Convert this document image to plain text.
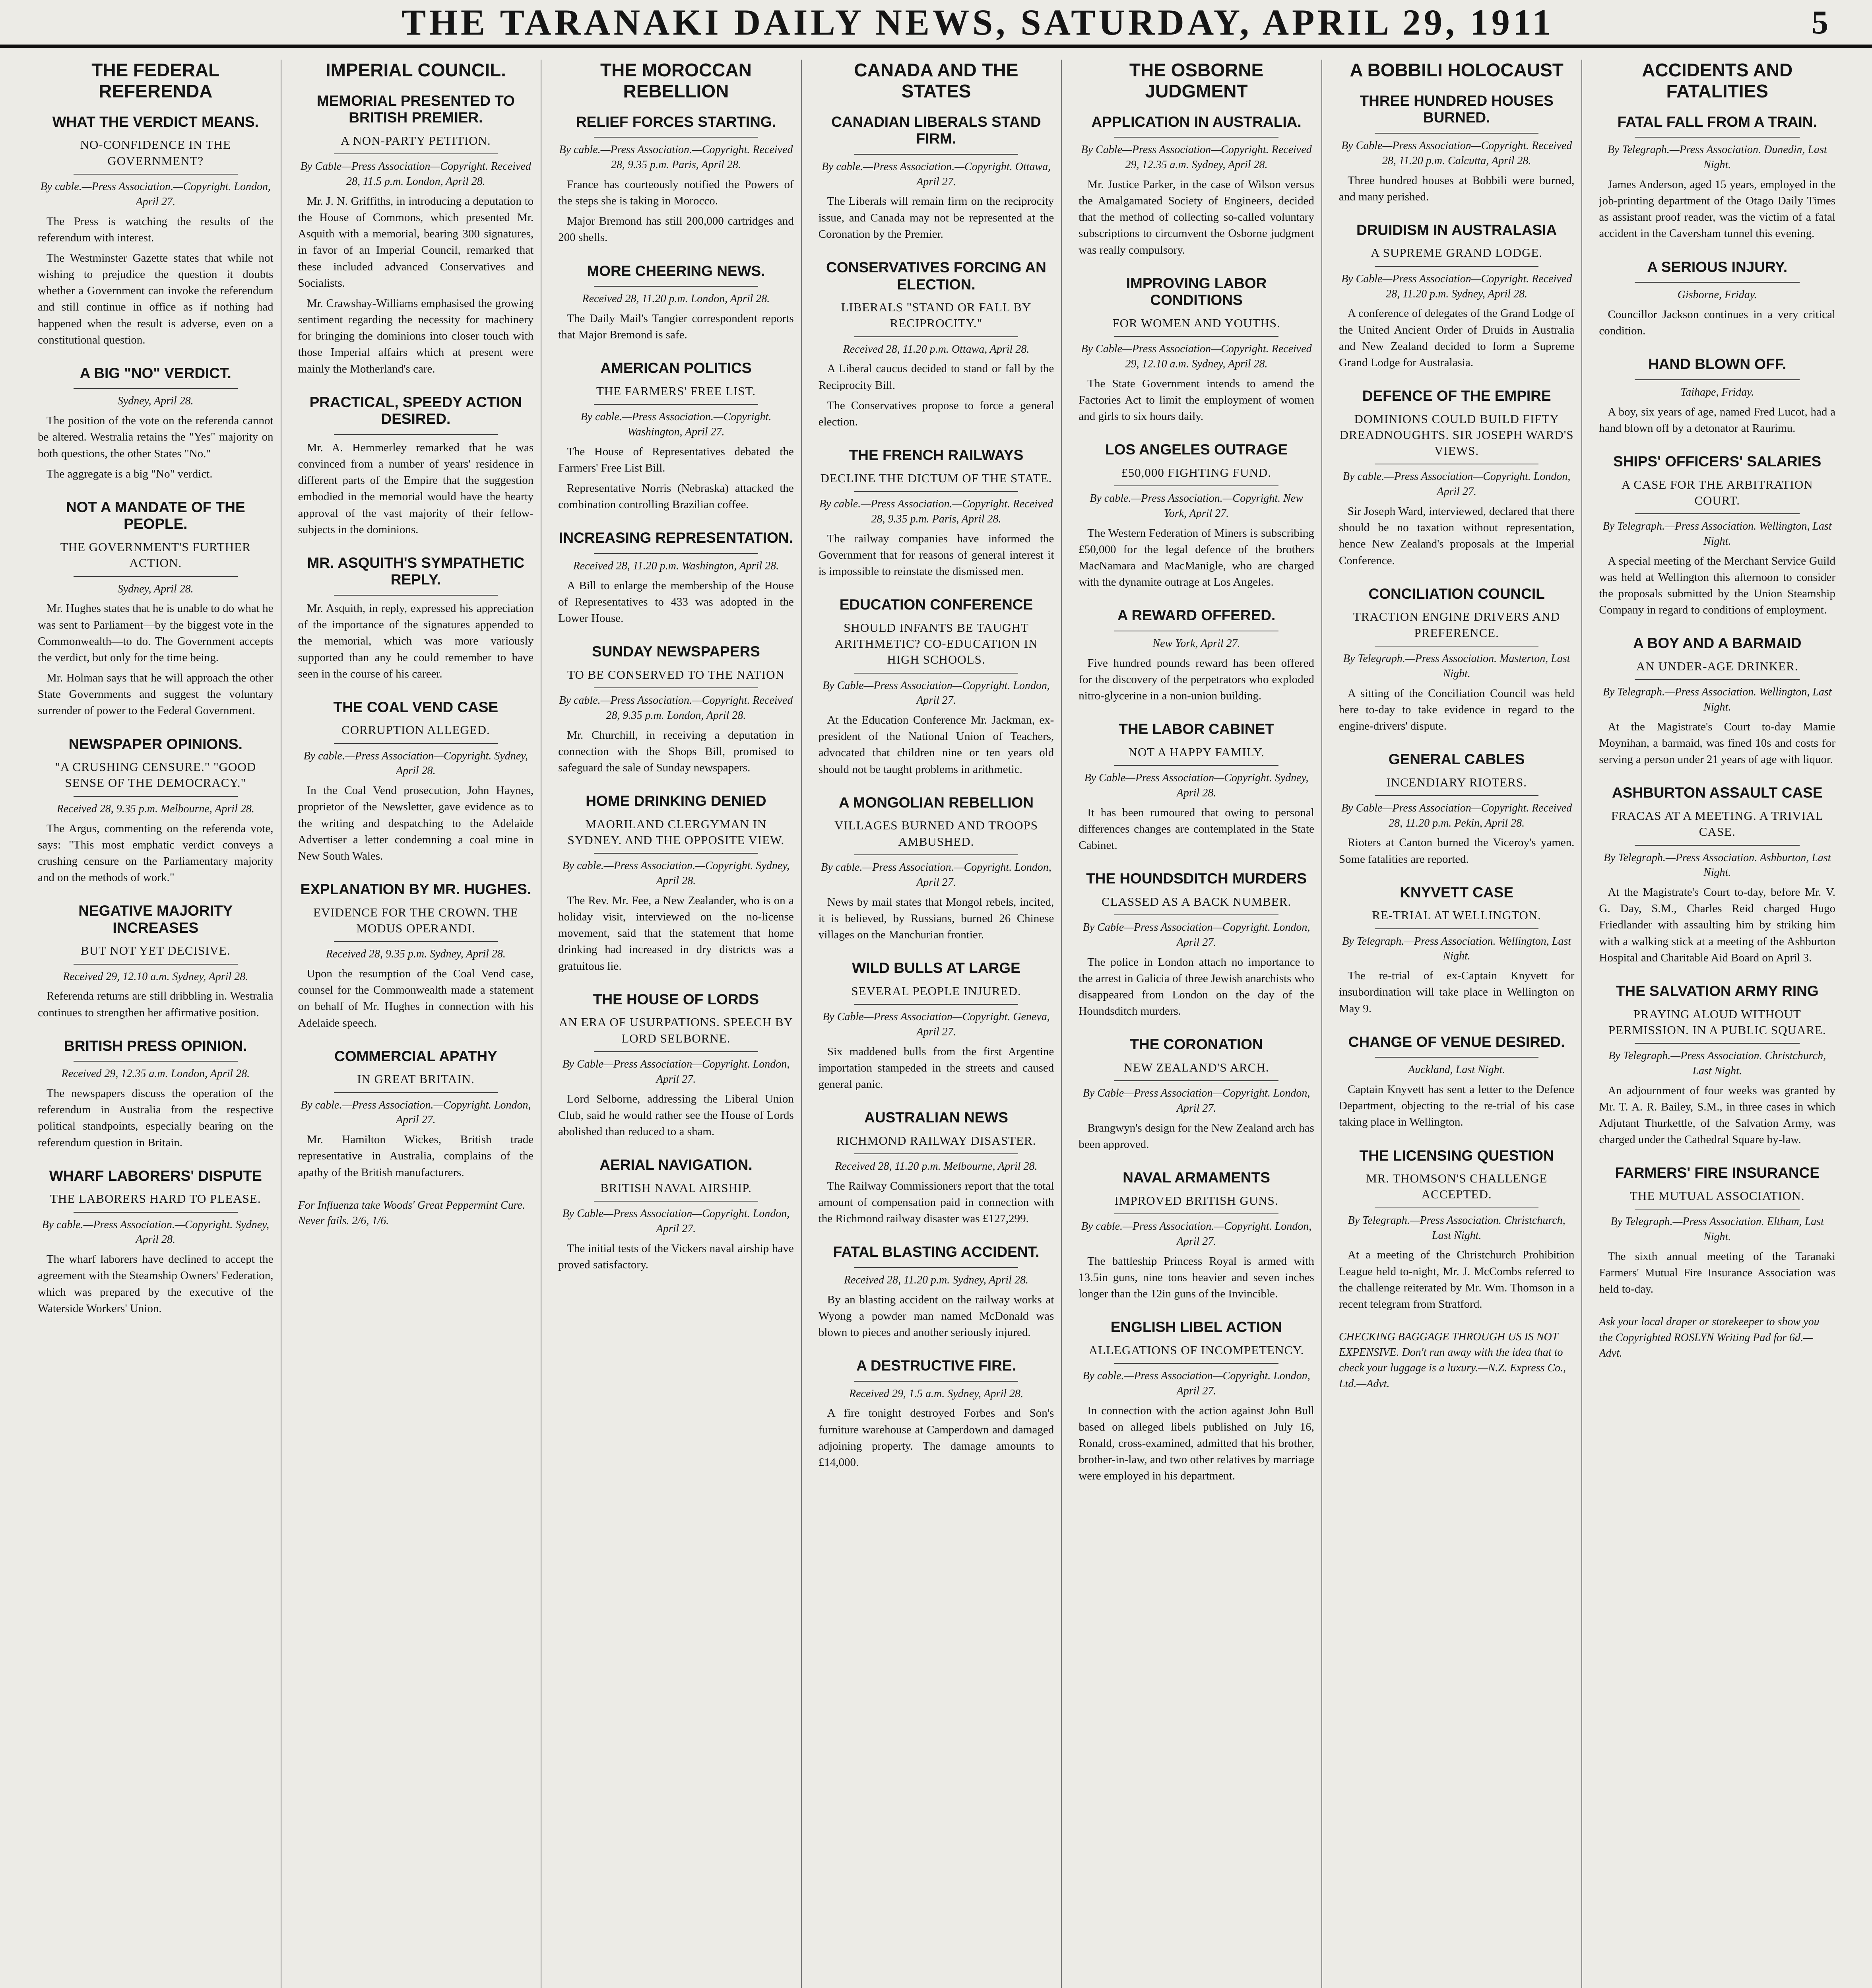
THE TARANAKI DAILY NEWS, SATURDAY, APRIL 29, 1911	5
THE FEDERAL REFERENDA
WHAT THE VERDICT MEANS.
NO-CONFIDENCE IN THE GOVERNMENT?
By cable.—Press Association.—Copyright. London, April 27.

The Press is watching the results of the referendum with interest.

The Westminster Gazette states that while not wishing to prejudice the question it doubts whether a Government can invoke the referendum and still continue in office as if nothing had happened when the result is adverse, even on a constitutional question.

A BIG "NO" VERDICT.
Sydney, April 28.

The position of the vote on the referenda cannot be altered. Westralia retains the "Yes" majority on both questions, the other States "No."

The aggregate is a big "No" verdict.

NOT A MANDATE OF THE PEOPLE.
THE GOVERNMENT'S FURTHER ACTION.
Sydney, April 28.

Mr. Hughes states that he is unable to do what he was sent to Parliament—by the biggest vote in the Commonwealth—to do. The Government accepts the verdict, but only for the time being.

Mr. Holman says that he will approach the other State Governments and suggest the voluntary surrender of power to the Federal Government.

NEWSPAPER OPINIONS.
"A CRUSHING CENSURE." "GOOD SENSE OF THE DEMOCRACY."
Received 28, 9.35 p.m. Melbourne, April 28.

The Argus, commenting on the referenda vote, says: "This most emphatic verdict conveys a crushing censure on the Parliamentary majority and on the methods of work."

NEGATIVE MAJORITY INCREASES
BUT NOT YET DECISIVE.
Received 29, 12.10 a.m. Sydney, April 28.

Referenda returns are still dribbling in. Westralia continues to strengthen her affirmative position.

BRITISH PRESS OPINION.
Received 29, 12.35 a.m. London, April 28.

The newspapers discuss the operation of the referendum in Australia from the respective political standpoints, especially bearing on the referendum question in Britain.

WHARF LABORERS' DISPUTE
THE LABORERS HARD TO PLEASE.
By cable.—Press Association.—Copyright. Sydney, April 28.

The wharf laborers have declined to accept the agreement with the Steamship Owners' Federation, which was prepared by the executive of the Waterside Workers' Union.

IMPERIAL COUNCIL.
MEMORIAL PRESENTED TO BRITISH PREMIER.
A NON-PARTY PETITION.
By Cable—Press Association—Copyright. Received 28, 11.5 p.m. London, April 28.

Mr. J. N. Griffiths, in introducing a deputation to the House of Commons, which presented Mr. Asquith with a memorial, bearing 300 signatures, in favor of an Imperial Council, remarked that these included advanced Conservatives and Socialists.

Mr. Crawshay-Williams emphasised the growing sentiment regarding the necessity for machinery for bringing the dominions into closer touch with those Imperial affairs which at present were mainly the Motherland's care.

PRACTICAL, SPEEDY ACTION DESIRED.

Mr. A. Hemmerley remarked that he was convinced from a number of years' residence in different parts of the Empire that the suggestion embodied in the memorial would have the hearty approval of the vast majority of their fellow-subjects in the dominions.

MR. ASQUITH'S SYMPATHETIC REPLY.

Mr. Asquith, in reply, expressed his appreciation of the importance of the signatures appended to the memorial, which was more variously supported than any he could remember to have seen in the course of his career.

THE COAL VEND CASE
CORRUPTION ALLEGED.
By cable.—Press Association—Copyright. Sydney, April 28.

In the Coal Vend prosecution, John Haynes, proprietor of the Newsletter, gave evidence as to the writing and despatching to the Adelaide Advertiser a letter condemning a coal mine in New South Wales.

EXPLANATION BY MR. HUGHES.
EVIDENCE FOR THE CROWN. THE MODUS OPERANDI.
Received 28, 9.35 p.m. Sydney, April 28.

Upon the resumption of the Coal Vend case, counsel for the Commonwealth made a statement on behalf of Mr. Hughes in connection with his Adelaide speech.

COMMERCIAL APATHY
IN GREAT BRITAIN.
By cable.—Press Association.—Copyright. London, April 27.

Mr. Hamilton Wickes, British trade representative in Australia, complains of the apathy of the British manufacturers.

For Influenza take Woods' Great Peppermint Cure. Never fails. 2/6, 1/6.
THE MOROCCAN REBELLION
RELIEF FORCES STARTING.
By cable.—Press Association.—Copyright. Received 28, 9.35 p.m. Paris, April 28.

France has courteously notified the Powers of the steps she is taking in Morocco.

Major Bremond has still 200,000 cartridges and 200 shells.

MORE CHEERING NEWS.
Received 28, 11.20 p.m. London, April 28.

The Daily Mail's Tangier correspondent reports that Major Bremond is safe.

AMERICAN POLITICS
THE FARMERS' FREE LIST.
By cable.—Press Association.—Copyright. Washington, April 27.

The House of Representatives debated the Farmers' Free List Bill.

Representative Norris (Nebraska) attacked the combination controlling Brazilian coffee.

INCREASING REPRESENTATION.
Received 28, 11.20 p.m. Washington, April 28.

A Bill to enlarge the membership of the House of Representatives to 433 was adopted in the Lower House.

SUNDAY NEWSPAPERS
TO BE CONSERVED TO THE NATION
By cable.—Press Association.—Copyright. Received 28, 9.35 p.m. London, April 28.

Mr. Churchill, in receiving a deputation in connection with the Shops Bill, promised to safeguard the sale of Sunday newspapers.

HOME DRINKING DENIED
MAORILAND CLERGYMAN IN SYDNEY. AND THE OPPOSITE VIEW.
By cable.—Press Association.—Copyright. Sydney, April 28.

The Rev. Mr. Fee, a New Zealander, who is on a holiday visit, interviewed on the no-license movement, said that the statement that home drinking had increased in dry districts was a gratuitous lie.

THE HOUSE OF LORDS
AN ERA OF USURPATIONS. SPEECH BY LORD SELBORNE.
By Cable—Press Association—Copyright. London, April 27.

Lord Selborne, addressing the Liberal Union Club, said he would rather see the House of Lords abolished than reduced to a sham.

AERIAL NAVIGATION.
BRITISH NAVAL AIRSHIP.
By Cable—Press Association—Copyright. London, April 27.

The initial tests of the Vickers naval airship have proved satisfactory.

CANADA AND THE STATES
CANADIAN LIBERALS STAND FIRM.
By cable.—Press Association.—Copyright. Ottawa, April 27.

The Liberals will remain firm on the reciprocity issue, and Canada may not be represented at the Coronation by the Premier.

CONSERVATIVES FORCING AN ELECTION.
LIBERALS "STAND OR FALL BY RECIPROCITY."
Received 28, 11.20 p.m. Ottawa, April 28.

A Liberal caucus decided to stand or fall by the Reciprocity Bill.

The Conservatives propose to force a general election.

THE FRENCH RAILWAYS
DECLINE THE DICTUM OF THE STATE.
By cable.—Press Association.—Copyright. Received 28, 9.35 p.m. Paris, April 28.

The railway companies have informed the Government that for reasons of general interest it is impossible to reinstate the dismissed men.

EDUCATION CONFERENCE
SHOULD INFANTS BE TAUGHT ARITHMETIC? CO-EDUCATION IN HIGH SCHOOLS.
By Cable—Press Association—Copyright. London, April 27.

At the Education Conference Mr. Jackman, ex-president of the National Union of Teachers, advocated that children nine or ten years old should not be taught problems in arithmetic.

A MONGOLIAN REBELLION
VILLAGES BURNED AND TROOPS AMBUSHED.
By cable.—Press Association.—Copyright. London, April 27.

News by mail states that Mongol rebels, incited, it is believed, by Russians, burned 26 Chinese villages on the Manchurian frontier.

WILD BULLS AT LARGE
SEVERAL PEOPLE INJURED.
By Cable—Press Association—Copyright. Geneva, April 27.

Six maddened bulls from the first Argentine importation stampeded in the streets and caused general panic.

AUSTRALIAN NEWS
RICHMOND RAILWAY DISASTER.
Received 28, 11.20 p.m. Melbourne, April 28.

The Railway Commissioners report that the total amount of compensation paid in connection with the Richmond railway disaster was £127,299.

FATAL BLASTING ACCIDENT.
Received 28, 11.20 p.m. Sydney, April 28.

By an blasting accident on the railway works at Wyong a powder man named McDonald was blown to pieces and another seriously injured.

A DESTRUCTIVE FIRE.
Received 29, 1.5 a.m. Sydney, April 28.

A fire tonight destroyed Forbes and Son's furniture warehouse at Camperdown and damaged adjoining property. The damage amounts to £14,000.

THE OSBORNE JUDGMENT
APPLICATION IN AUSTRALIA.
By Cable—Press Association—Copyright. Received 29, 12.35 a.m. Sydney, April 28.

Mr. Justice Parker, in the case of Wilson versus the Amalgamated Society of Engineers, decided that the method of collecting so-called voluntary subscriptions to circumvent the Osborne judgment was really compulsory.

IMPROVING LABOR CONDITIONS
FOR WOMEN AND YOUTHS.
By Cable—Press Association—Copyright. Received 29, 12.10 a.m. Sydney, April 28.

The State Government intends to amend the Factories Act to limit the employment of women and girls to six hours daily.

LOS ANGELES OUTRAGE
£50,000 FIGHTING FUND.
By cable.—Press Association.—Copyright. New York, April 27.

The Western Federation of Miners is subscribing £50,000 for the legal defence of the brothers MacNamara and MacManigle, who are charged with the dynamite outrage at Los Angeles.

A REWARD OFFERED.
New York, April 27.

Five hundred pounds reward has been offered for the discovery of the perpetrators who exploded nitro-glycerine in a non-union building.

THE LABOR CABINET
NOT A HAPPY FAMILY.
By Cable—Press Association—Copyright. Sydney, April 28.

It has been rumoured that owing to personal differences changes are contemplated in the State Cabinet.

THE HOUNDSDITCH MURDERS
CLASSED AS A BACK NUMBER.
By Cable—Press Association—Copyright. London, April 27.

The police in London attach no importance to the arrest in Galicia of three Jewish anarchists who disappeared from London on the day of the Houndsditch murders.

THE CORONATION
NEW ZEALAND'S ARCH.
By Cable—Press Association—Copyright. London, April 27.

Brangwyn's design for the New Zealand arch has been approved.

NAVAL ARMAMENTS
IMPROVED BRITISH GUNS.
By cable.—Press Association.—Copyright. London, April 27.

The battleship Princess Royal is armed with 13.5in guns, nine tons heavier and seven inches longer than the 12in guns of the Invincible.

ENGLISH LIBEL ACTION
ALLEGATIONS OF INCOMPETENCY.
By cable.—Press Association—Copyright. London, April 27.

In connection with the action against John Bull based on alleged libels published on July 16, Ronald, cross-examined, admitted that his brother, brother-in-law, and two other relatives by marriage were employed in his department.

A BOBBILI HOLOCAUST
THREE HUNDRED HOUSES BURNED.
By Cable—Press Association—Copyright. Received 28, 11.20 p.m. Calcutta, April 28.

Three hundred houses at Bobbili were burned, and many perished.

DRUIDISM IN AUSTRALASIA
A SUPREME GRAND LODGE.
By Cable—Press Association—Copyright. Received 28, 11.20 p.m. Sydney, April 28.

A conference of delegates of the Grand Lodge of the United Ancient Order of Druids in Australia and New Zealand decided to form a Supreme Grand Lodge for Australasia.

DEFENCE OF THE EMPIRE
DOMINIONS COULD BUILD FIFTY DREADNOUGHTS. SIR JOSEPH WARD'S VIEWS.
By cable.—Press Association—Copyright. London, April 27.

Sir Joseph Ward, interviewed, declared that there should be no taxation without representation, hence New Zealand's proposals at the Imperial Conference.

CONCILIATION COUNCIL
TRACTION ENGINE DRIVERS AND PREFERENCE.
By Telegraph.—Press Association. Masterton, Last Night.

A sitting of the Conciliation Council was held here to-day to take evidence in regard to the engine-drivers' dispute.

GENERAL CABLES
INCENDIARY RIOTERS.
By Cable—Press Association—Copyright. Received 28, 11.20 p.m. Pekin, April 28.

Rioters at Canton burned the Viceroy's yamen. Some fatalities are reported.

KNYVETT CASE
RE-TRIAL AT WELLINGTON.
By Telegraph.—Press Association. Wellington, Last Night.

The re-trial of ex-Captain Knyvett for insubordination will take place in Wellington on May 9.

CHANGE OF VENUE DESIRED.
Auckland, Last Night.

Captain Knyvett has sent a letter to the Defence Department, objecting to the re-trial of his case taking place in Wellington.

THE LICENSING QUESTION
MR. THOMSON'S CHALLENGE ACCEPTED.
By Telegraph.—Press Association. Christchurch, Last Night.

At a meeting of the Christchurch Prohibition League held to-night, Mr. J. McCombs referred to the challenge reiterated by Mr. Wm. Thomson in a recent telegram from Stratford.

CHECKING BAGGAGE THROUGH US IS NOT EXPENSIVE. Don't run away with the idea that to check your luggage is a luxury.—N.Z. Express Co., Ltd.—Advt.
ACCIDENTS AND FATALITIES
FATAL FALL FROM A TRAIN.
By Telegraph.—Press Association. Dunedin, Last Night.

James Anderson, aged 15 years, employed in the job-printing department of the Otago Daily Times as assistant proof reader, was the victim of a fatal accident in the Caversham tunnel this evening.

A SERIOUS INJURY.
Gisborne, Friday.

Councillor Jackson continues in a very critical condition.

HAND BLOWN OFF.
Taihape, Friday.

A boy, six years of age, named Fred Lucot, had a hand blown off by a detonator at Raurimu.

SHIPS' OFFICERS' SALARIES
A CASE FOR THE ARBITRATION COURT.
By Telegraph.—Press Association. Wellington, Last Night.

A special meeting of the Merchant Service Guild was held at Wellington this afternoon to consider the proposals submitted by the Union Steamship Company in regard to conditions of employment.

A BOY AND A BARMAID
AN UNDER-AGE DRINKER.
By Telegraph.—Press Association. Wellington, Last Night.

At the Magistrate's Court to-day Mamie Moynihan, a barmaid, was fined 10s and costs for serving a person under 21 years of age with liquor.

ASHBURTON ASSAULT CASE
FRACAS AT A MEETING. A TRIVIAL CASE.
By Telegraph.—Press Association. Ashburton, Last Night.

At the Magistrate's Court to-day, before Mr. V. G. Day, S.M., Charles Reid charged Hugo Friedlander with assaulting him by striking him with a walking stick at a meeting of the Ashburton Hospital and Charitable Aid Board on April 3.

THE SALVATION ARMY RING
PRAYING ALOUD WITHOUT PERMISSION. IN A PUBLIC SQUARE.
By Telegraph.—Press Association. Christchurch, Last Night.

An adjournment of four weeks was granted by Mr. T. A. R. Bailey, S.M., in three cases in which Adjutant Thurkettle, of the Salvation Army, was charged under the Cathedral Square by-law.

FARMERS' FIRE INSURANCE
THE MUTUAL ASSOCIATION.
By Telegraph.—Press Association. Eltham, Last Night.

The sixth annual meeting of the Taranaki Farmers' Mutual Fire Insurance Association was held to-day.

Ask your local draper or storekeeper to show you the Copyrighted ROSLYN Writing Pad for 6d.—Advt.
